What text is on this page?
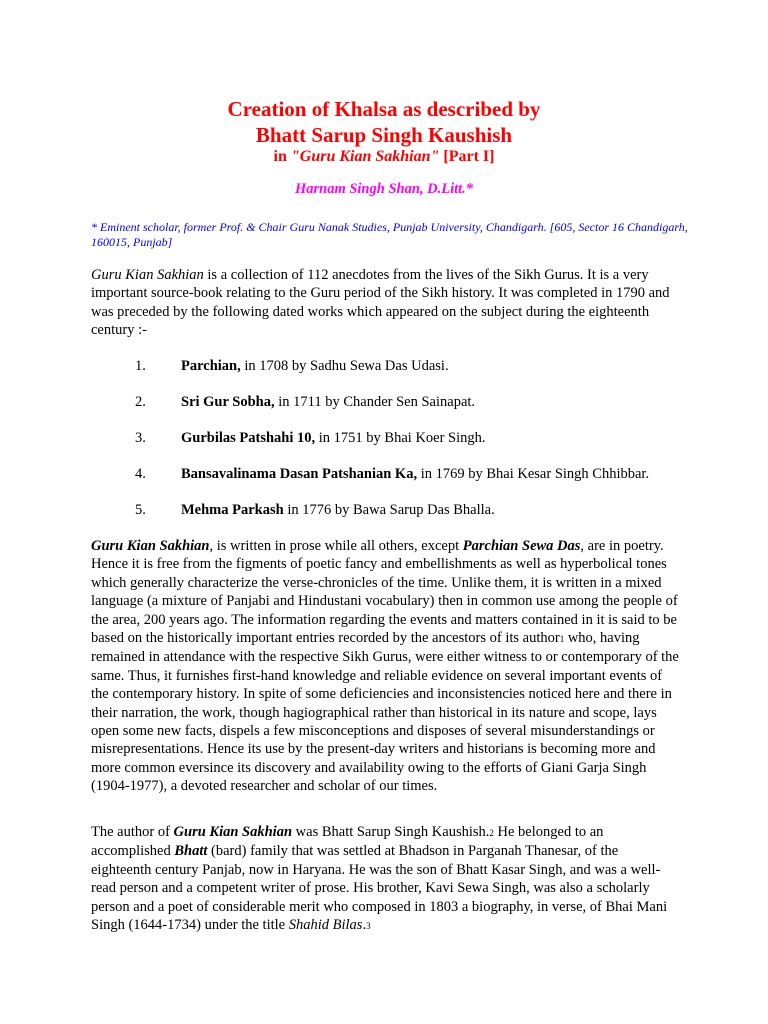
Creation of Khalsa as described by
Bhatt Sarup Singh Kaushish

in "Guru Kian Sakhian" [Part I]

Harnam Singh Shan, D.Litt.*

* Eminent scholar, former Prof. & Chair Guru Nanak Studies, Punjab University, Chandigarh. [605, Sector 16 Chandigarh, 160015, Punjab]

Guru Kian Sakhian is a collection of 112 anecdotes from the lives of the Sikh Gurus. It is a very important source-book relating to the Guru period of the Sikh history. It was completed in 1790 and was preceded by the following dated works which appeared on the subject during the eighteenth century :-

1. Parchian, in 1708 by Sadhu Sewa Das Udasi.
2. Sri Gur Sobha, in 1711 by Chander Sen Sainapat.
3. Gurbilas Patshahi 10, in 1751 by Bhai Koer Singh.
4. Bansavalinama Dasan Patshanian Ka, in 1769 by Bhai Kesar Singh Chhibbar.
5. Mehma Parkash in 1776 by Bawa Sarup Das Bhalla.

Guru Kian Sakhian, is written in prose while all others, except Parchian Sewa Das, are in poetry. Hence it is free from the figments of poetic fancy and embellishments as well as hyperbolical tones which generally characterize the verse-chronicles of the time. Unlike them, it is written in a mixed language (a mixture of Panjabi and Hindustani vocabulary) then in common use among the people of the area, 200 years ago. The information regarding the events and matters contained in it is said to be based on the historically important entries recorded by the ancestors of its author1 who, having remained in attendance with the respective Sikh Gurus, were either witness to or contemporary of the same. Thus, it furnishes first-hand knowledge and reliable evidence on several important events of the contemporary history. In spite of some deficiencies and inconsistencies noticed here and there in their narration, the work, though hagiographical rather than historical in its nature and scope, lays open some new facts, dispels a few misconceptions and disposes of several misunderstandings or misrepresentations. Hence its use by the present-day writers and historians is becoming more and more common eversince its discovery and availability owing to the efforts of Giani Garja Singh (1904-1977), a devoted researcher and scholar of our times.

The author of Guru Kian Sakhian was Bhatt Sarup Singh Kaushish.2 He belonged to an accomplished Bhatt (bard) family that was settled at Bhadson in Parganah Thanesar, of the eighteenth century Panjab, now in Haryana. He was the son of Bhatt Kasar Singh, and was a well-read person and a competent writer of prose. His brother, Kavi Sewa Singh, was also a scholarly person and a poet of considerable merit who composed in 1803 a biography, in verse, of Bhai Mani Singh (1644-1734) under the title Shahid Bilas.3
